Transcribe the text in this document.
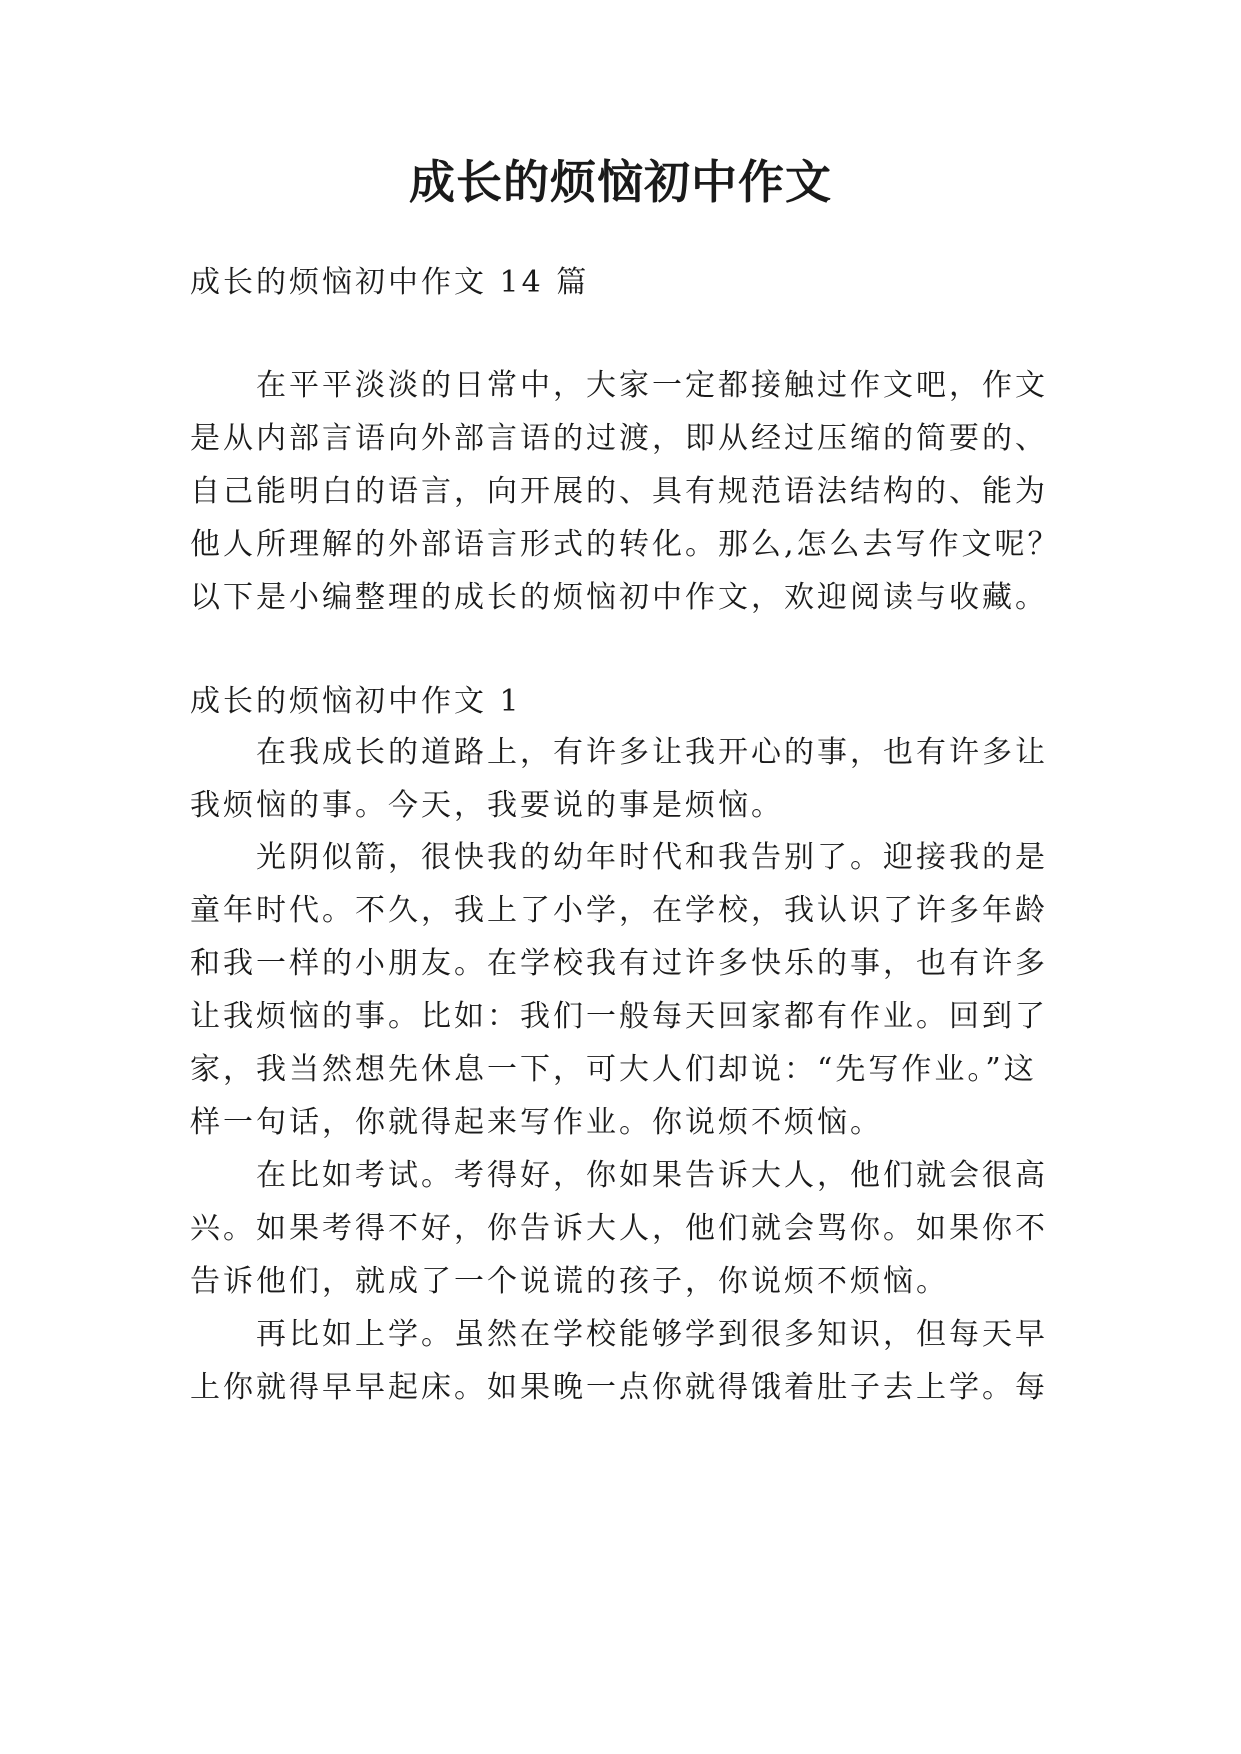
成长的烦恼初中作文

成长的烦恼初中作文 14 篇

在平平淡淡的日常中，大家一定都接触过作文吧，作文

是从内部言语向外部言语的过渡，即从经过压缩的简要的、

自己能明白的语言，向开展的、具有规范语法结构的、能为

他人所理解的外部语言形式的转化。那么,怎么去写作文呢？

以下是小编整理的成长的烦恼初中作文，欢迎阅读与收藏。

成长的烦恼初中作文 1

在我成长的道路上，有许多让我开心的事，也有许多让

我烦恼的事。今天，我要说的事是烦恼。

光阴似箭，很快我的幼年时代和我告别了。迎接我的是

童年时代。不久，我上了小学，在学校，我认识了许多年龄

和我一样的小朋友。在学校我有过许多快乐的事，也有许多

让我烦恼的事。比如：我们一般每天回家都有作业。回到了

家，我当然想先休息一下，可大人们却说：“先写作业。”这

样一句话，你就得起来写作业。你说烦不烦恼。

在比如考试。考得好，你如果告诉大人，他们就会很高

兴。如果考得不好，你告诉大人，他们就会骂你。如果你不

告诉他们，就成了一个说谎的孩子，你说烦不烦恼。

再比如上学。虽然在学校能够学到很多知识，但每天早

上你就得早早起床。如果晚一点你就得饿着肚子去上学。每
